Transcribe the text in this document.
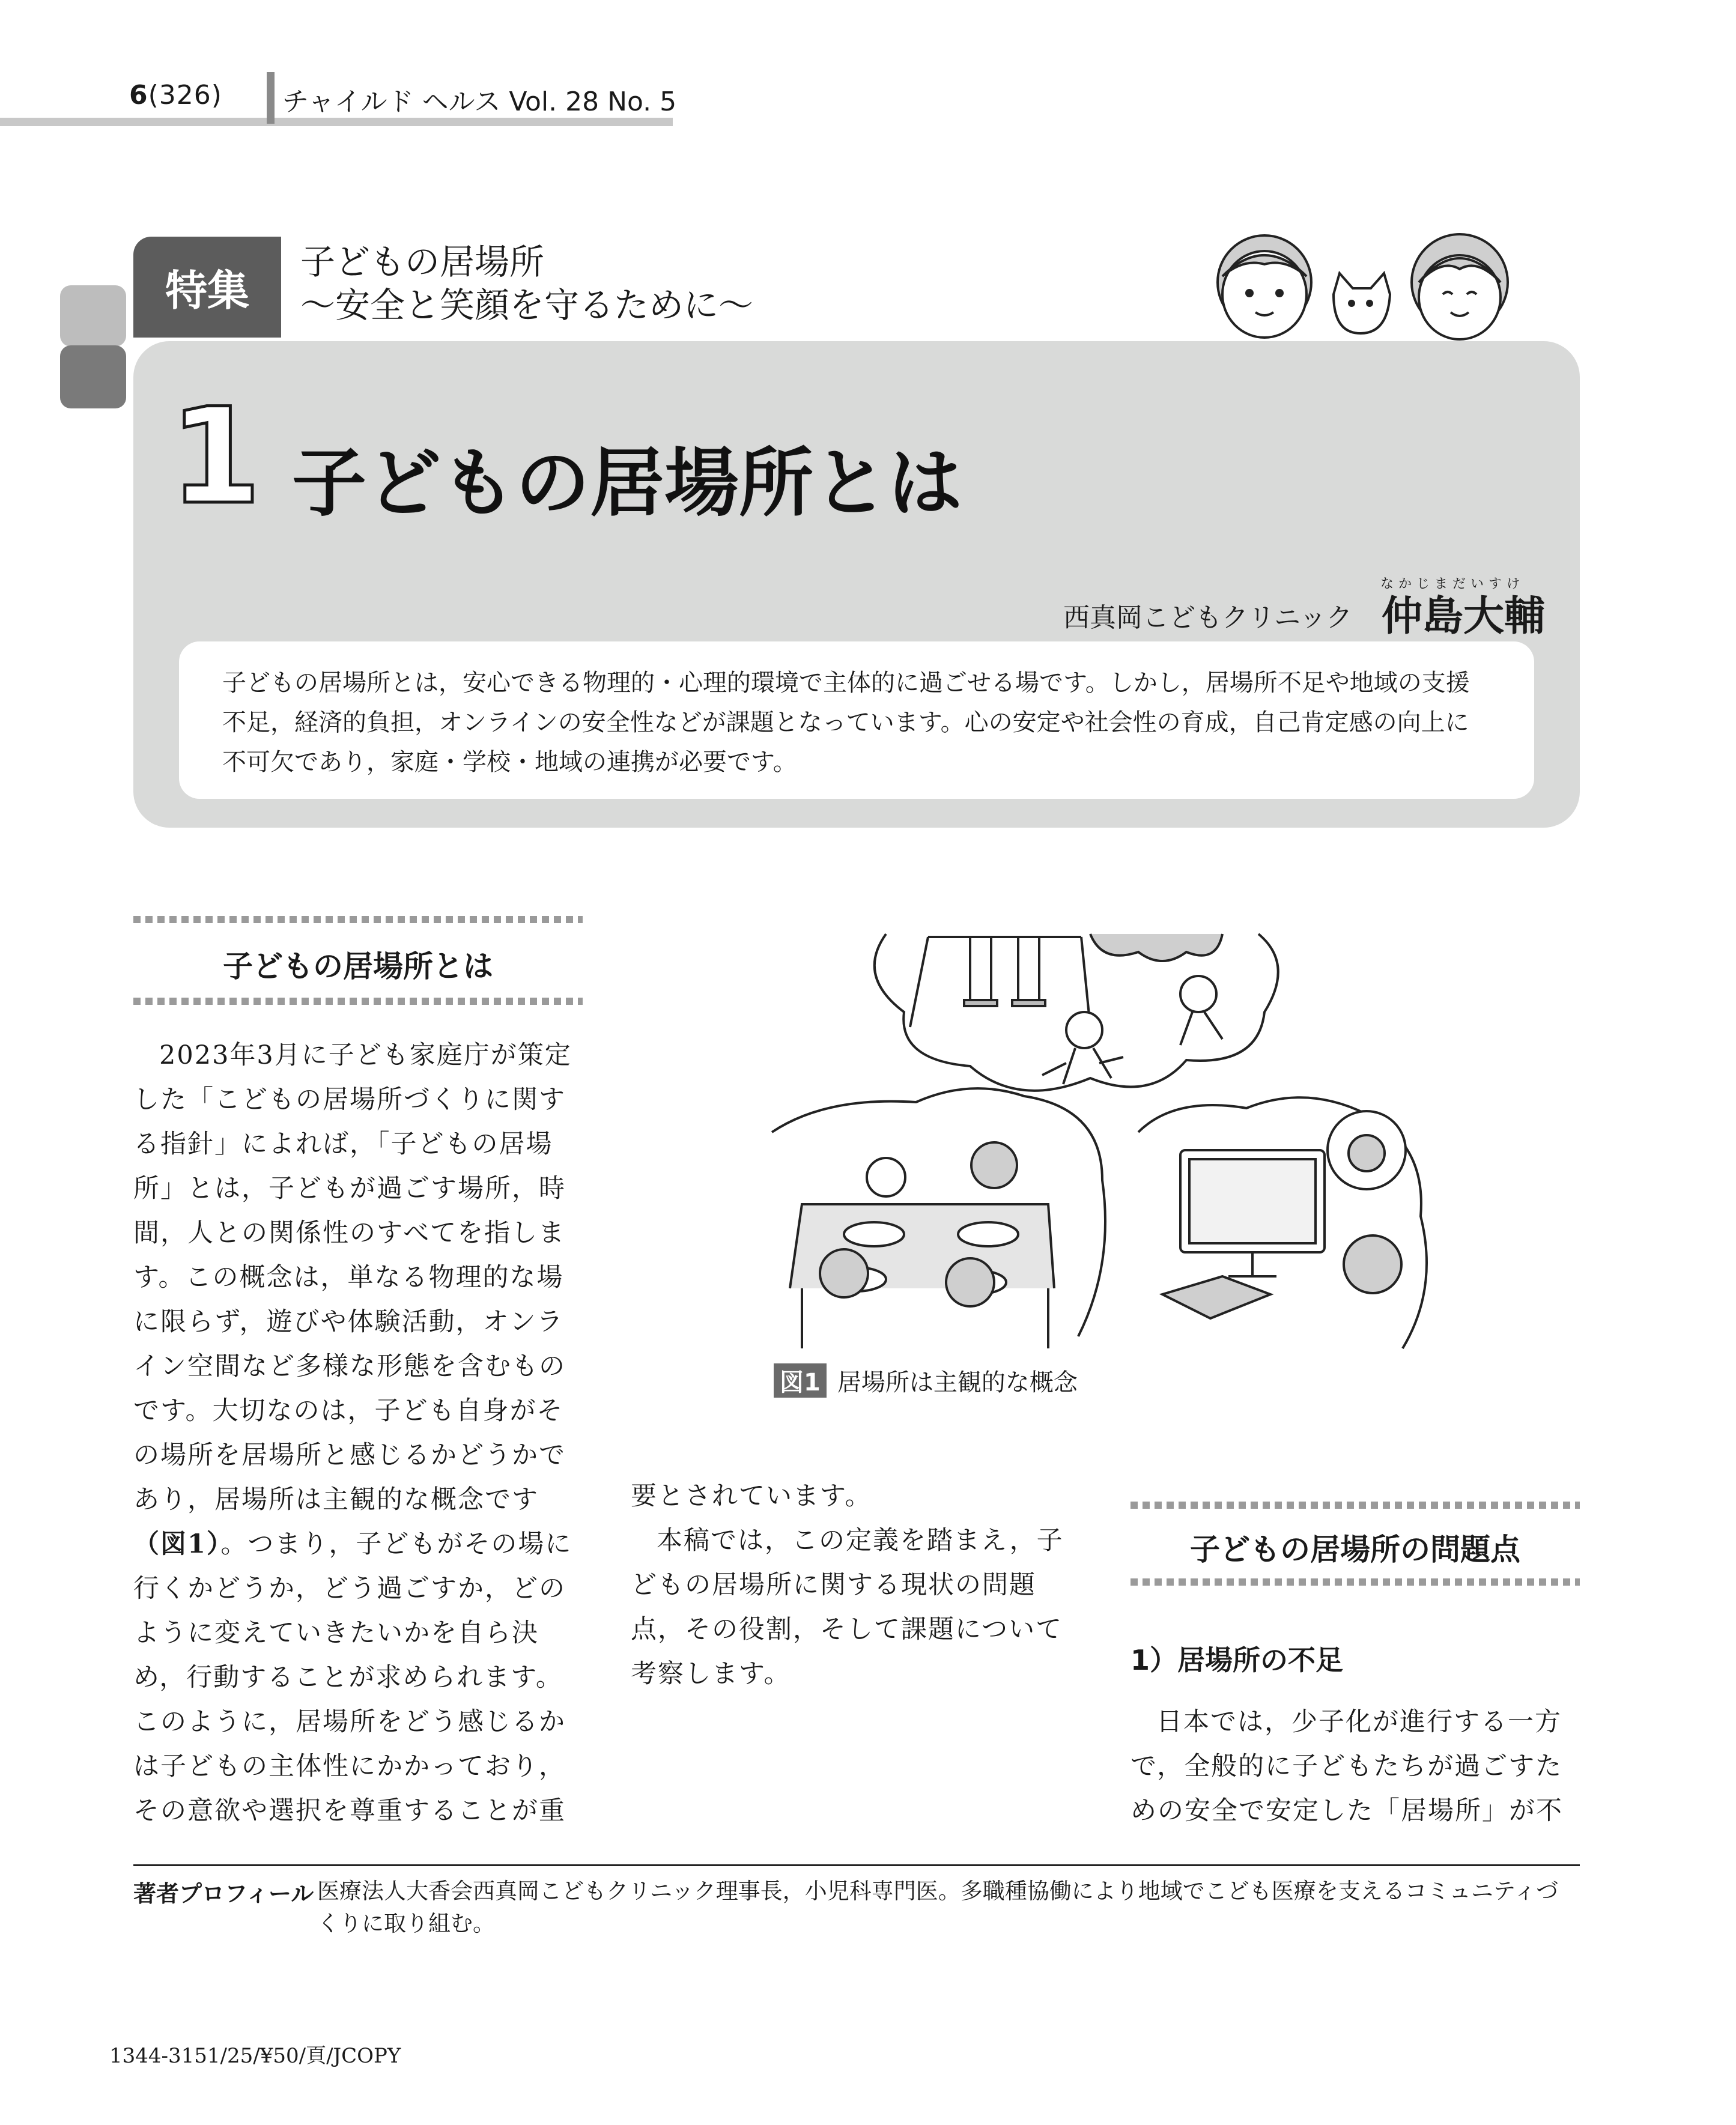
6(326) チャイルド ヘルス Vol. 28 No. 5
特集
子どもの居場所
〜安全と笑顔を守るために〜
1 子どもの居場所とは
なかじまだいすけ
西真岡こどもクリニック 仲島大輔
子どもの居場所とは，安心できる物理的・心理的環境で主体的に過ごせる場です。しかし，居場所不足や地域の支援不足，経済的負担，オンラインの安全性などが課題となっています。心の安定や社会性の育成，自己肯定感の向上に不可欠であり，家庭・学校・地域の連携が必要です。
子どもの居場所とは

2023年3月に子ども家庭庁が策定した「こどもの居場所づくりに関する指針」によれば，「子どもの居場所」とは，子どもが過ごす場所，時間，人との関係性のすべてを指します。この概念は，単なる物理的な場に限らず，遊びや体験活動，オンライン空間など多様な形態を含むものです。大切なのは，子ども自身がその場所を居場所と感じるかどうかであり，居場所は主観的な概念です（図1）。つまり，子どもがその場に行くかどうか，どう過ごすか，どのように変えていきたいかを自ら決め，行動することが求められます。このように，居場所をどう感じるかは子どもの主体性にかかっており，その意欲や選択を尊重することが重

図1 居場所は主観的な概念

要とされています。

本稿では，この定義を踏まえ，子どもの居場所に関する現状の問題点，その役割，そして課題について考察します。

子どもの居場所の問題点
1）居場所の不足

日本では，少子化が進行する一方で，全般的に子どもたちが過ごすための安全で安定した「居場所」が不

著者プロフィール 医療法人大香会西真岡こどもクリニック理事長，小児科専門医。多職種協働により地域でこども医療を支えるコミュニティづくりに取り組む。
1344-3151/25/¥50/頁/JCOPY
